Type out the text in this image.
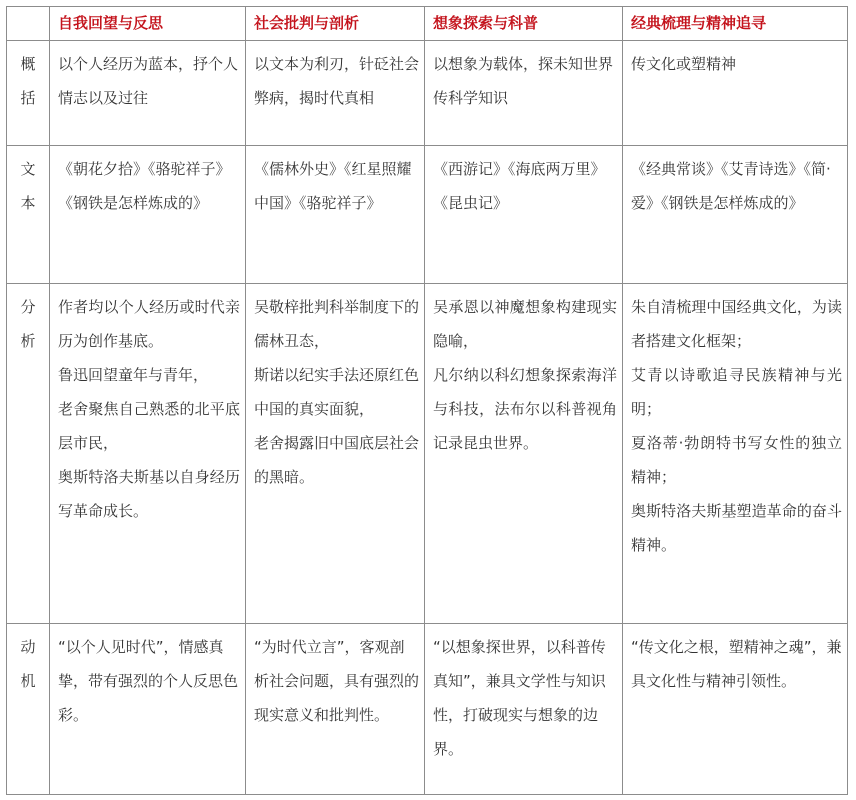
	自我回望与反思	社会批判与剖析	想象探索与科普	经典梳理与精神追寻

概
括	以个人经历为蓝本，抒个人情志以及过往	以文本为利刃，针砭社会弊病，揭时代真相	以想象为载体，探未知世界传科学知识	传文化或塑精神

文
本	《朝花夕拾》《骆驼祥子》《钢铁是怎样炼成的》	《儒林外史》《红星照耀中国》《骆驼祥子》	《西游记》《海底两万里》《昆虫记》	《经典常谈》《艾青诗选》《简·爱》《钢铁是怎样炼成的》

分
析	作者均以个人经历或时代亲历为创作基底。
鲁迅回望童年与青年，
老舍聚焦自己熟悉的北平底层市民，
奥斯特洛夫斯基以自身经历写革命成长。	吴敬梓批判科举制度下的儒林丑态，
斯诺以纪实手法还原红色中国的真实面貌，
老舍揭露旧中国底层社会的黑暗。	吴承恩以神魔想象构建现实隐喻，
凡尔纳以科幻想象探索海洋与科技，法布尔以科普视角记录昆虫世界。	朱自清梳理中国经典文化，为读者搭建文化框架；
艾青以诗歌追寻民族精神与光明；
夏洛蒂·勃朗特书写女性的独立精神；
奥斯特洛夫斯基塑造革命的奋斗精神。

动
机	“以个人见时代”，情感真挚，带有强烈的个人反思色彩。	“为时代立言”，客观剖析社会问题，具有强烈的现实意义和批判性。	“以想象探世界，以科普传真知”，兼具文学性与知识性，打破现实与想象的边界。	“传文化之根，塑精神之魂”，兼具文化性与精神引领性。
